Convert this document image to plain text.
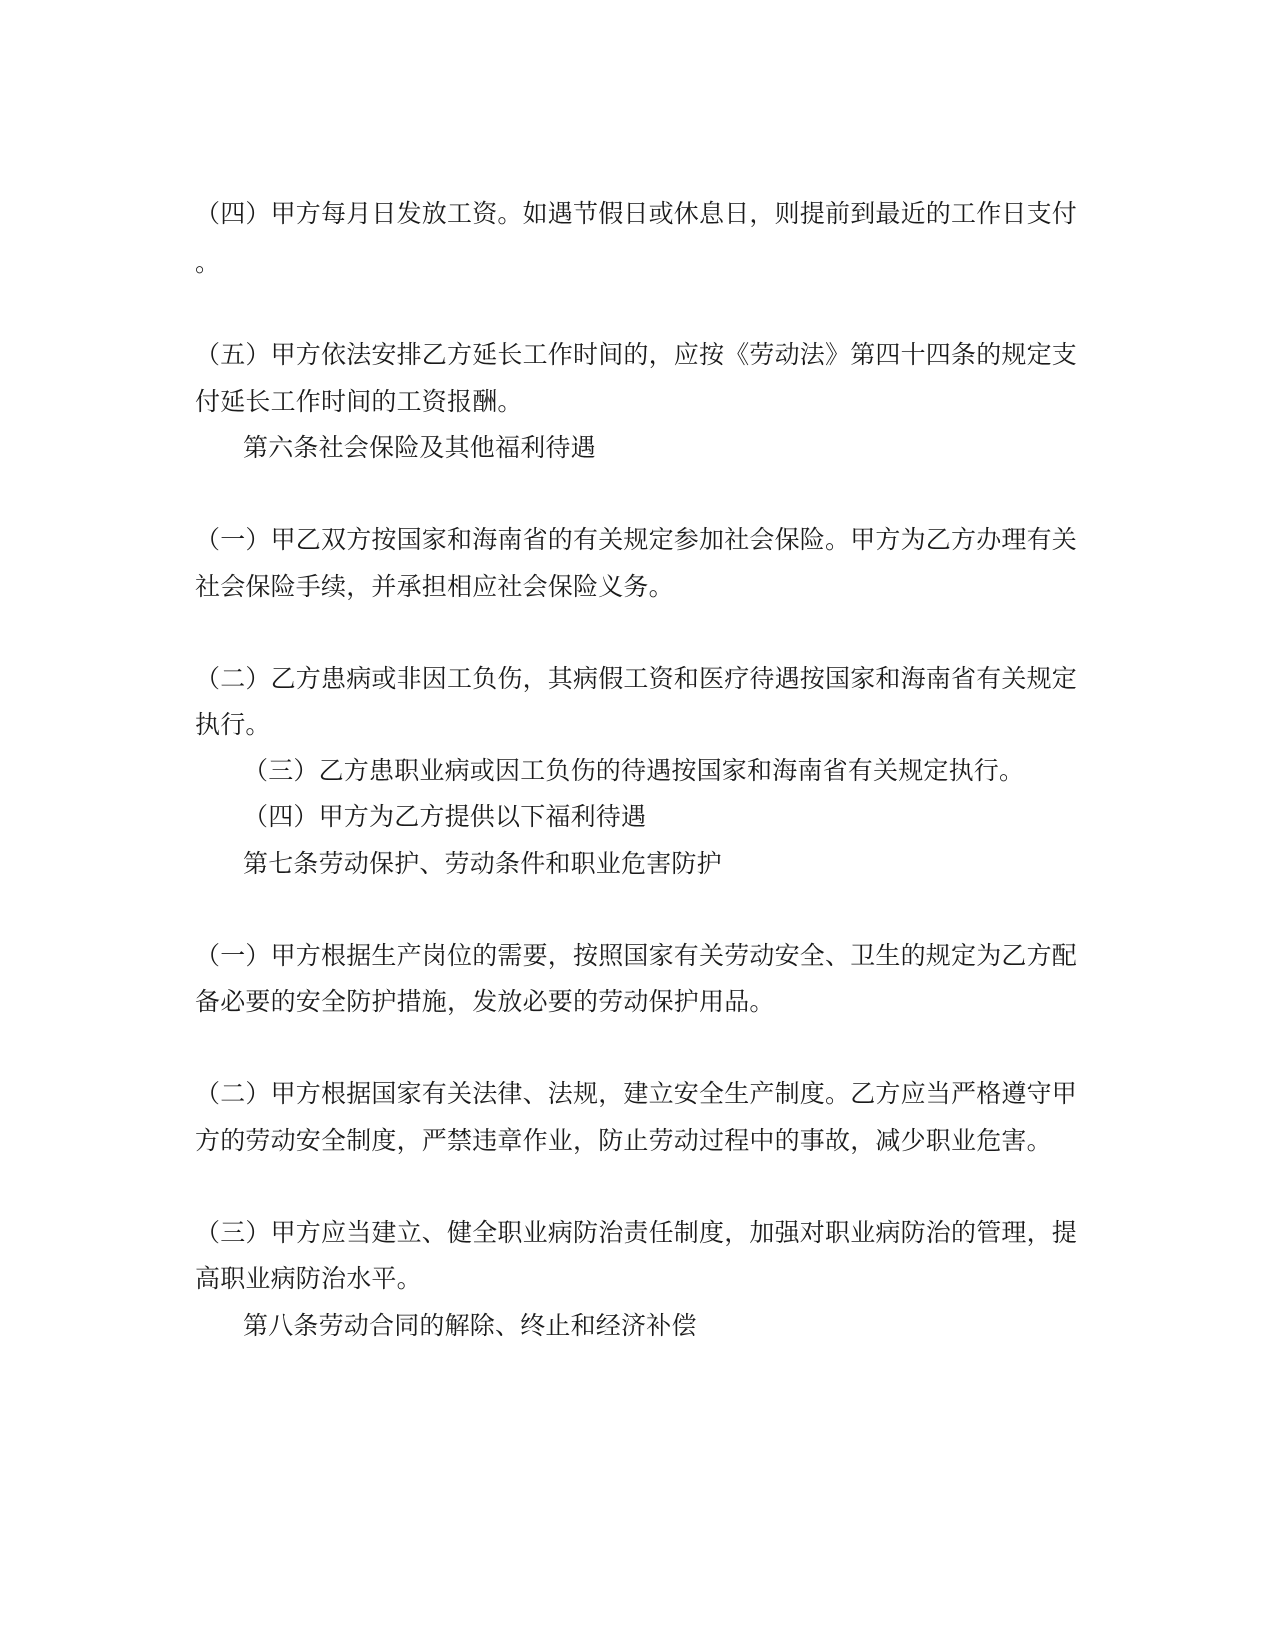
（四）甲方每月日发放工资。如遇节假日或休息日，则提前到最近的工作日支付
。
（五）甲方依法安排乙方延长工作时间的，应按《劳动法》第四十四条的规定支
付延长工作时间的工资报酬。
第六条社会保险及其他福利待遇
（一）甲乙双方按国家和海南省的有关规定参加社会保险。甲方为乙方办理有关
社会保险手续，并承担相应社会保险义务。
（二）乙方患病或非因工负伤，其病假工资和医疗待遇按国家和海南省有关规定
执行。
（三）乙方患职业病或因工负伤的待遇按国家和海南省有关规定执行。
（四）甲方为乙方提供以下福利待遇
第七条劳动保护、劳动条件和职业危害防护
（一）甲方根据生产岗位的需要，按照国家有关劳动安全、卫生的规定为乙方配
备必要的安全防护措施，发放必要的劳动保护用品。
（二）甲方根据国家有关法律、法规，建立安全生产制度。乙方应当严格遵守甲
方的劳动安全制度，严禁违章作业，防止劳动过程中的事故，减少职业危害。
（三）甲方应当建立、健全职业病防治责任制度，加强对职业病防治的管理，提
高职业病防治水平。
第八条劳动合同的解除、终止和经济补偿
